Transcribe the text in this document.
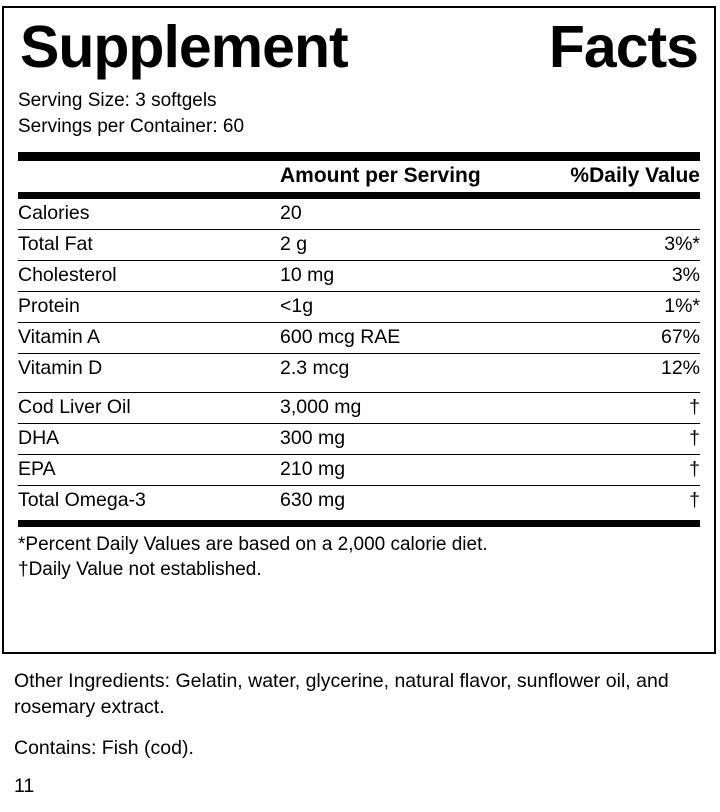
Supplement	Facts
Serving Size: 3 softgels
Servings per Container: 60
	Amount per Serving	%Daily Value
Calories	20	
Total Fat	2 g	3%*
Cholesterol	10 mg	3%
Protein	<1g	1%*
Vitamin A	600 mcg RAE	67%
Vitamin D	2.3 mcg	12%
Cod Liver Oil	3,000 mg	†
DHA	300 mg	†
EPA	210 mg	†
Total Omega-3	630 mg	†
*Percent Daily Values are based on a 2,000 calorie diet.
†Daily Value not established.
Other Ingredients: Gelatin, water, glycerine, natural flavor, sunflower oil, and rosemary extract.
Contains: Fish (cod).
11
